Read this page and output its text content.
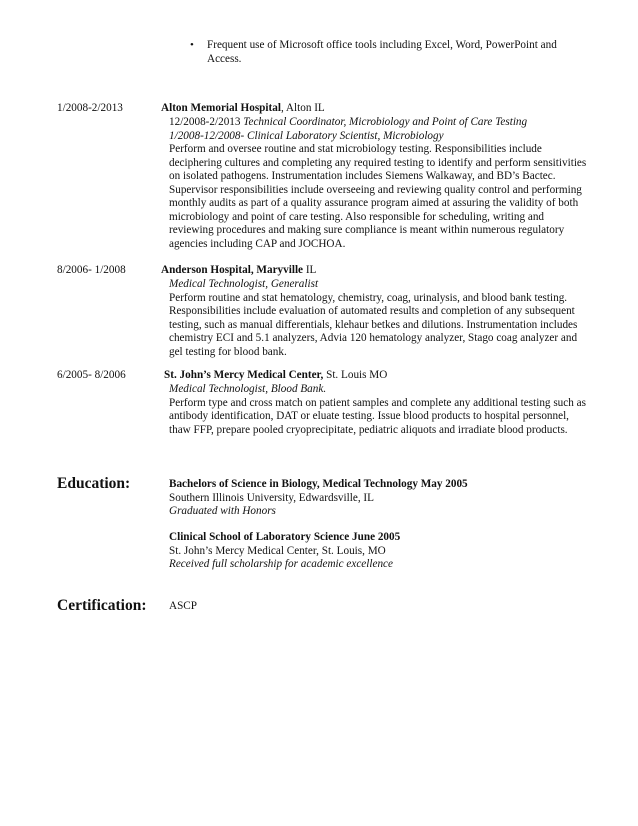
• Frequent use of Microsoft office tools including Excel, Word, PowerPoint and
Access.
1/2008-2/2013	Alton Memorial Hospital, Alton IL
12/2008-2/2013 Technical Coordinator, Microbiology and Point of Care Testing
1/2008-12/2008- Clinical Laboratory Scientist, Microbiology
Perform and oversee routine and stat microbiology testing. Responsibilities include
deciphering cultures and completing any required testing to identify and perform sensitivities
on isolated pathogens. Instrumentation includes Siemens Walkaway, and BD’s Bactec.
Supervisor responsibilities include overseeing and reviewing quality control and performing
monthly audits as part of a quality assurance program aimed at assuring the validity of both
microbiology and point of care testing. Also responsible for scheduling, writing and
reviewing procedures and making sure compliance is meant within numerous regulatory
agencies including CAP and JOCHOA.
8/2006- 1/2008	Anderson Hospital, Maryville IL
Medical Technologist, Generalist
Perform routine and stat hematology, chemistry, coag, urinalysis, and blood bank testing.
Responsibilities include evaluation of automated results and completion of any subsequent
testing, such as manual differentials, klehaur betkes and dilutions. Instrumentation includes
chemistry ECI and 5.1 analyzers, Advia 120 hematology analyzer, Stago coag analyzer and
gel testing for blood bank.
6/2005- 8/2006	St. John’s Mercy Medical Center, St. Louis MO
Medical Technologist, Blood Bank.
Perform type and cross match on patient samples and complete any additional testing such as
antibody identification, DAT or eluate testing. Issue blood products to hospital personnel,
thaw FFP, prepare pooled cryoprecipitate, pediatric aliquots and irradiate blood products.
Education:	Bachelors of Science in Biology, Medical Technology May 2005
Southern Illinois University, Edwardsville, IL
Graduated with Honors
Clinical School of Laboratory Science June 2005
St. John’s Mercy Medical Center, St. Louis, MO
Received full scholarship for academic excellence
Certification: ASCP
